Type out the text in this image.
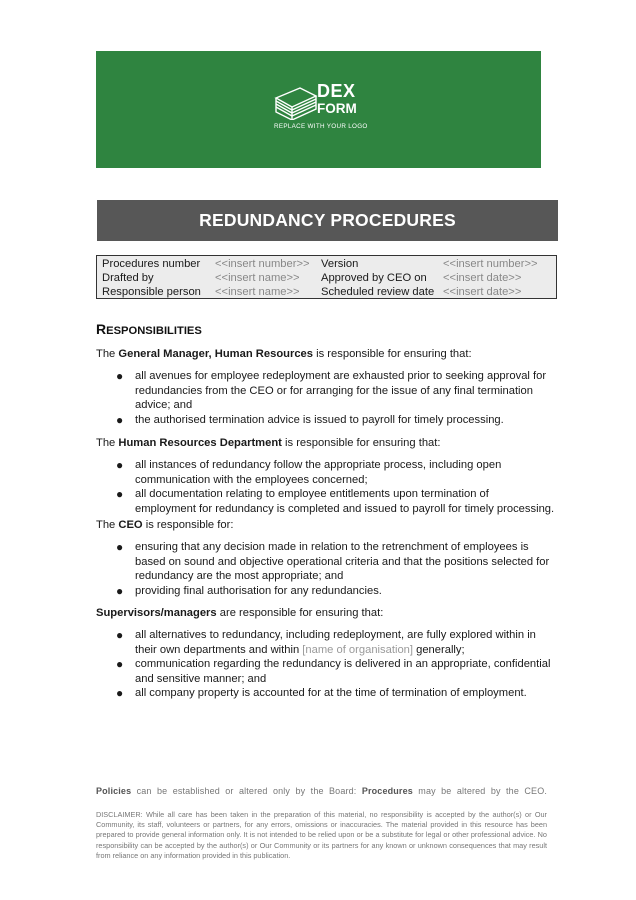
DEX
FORM
REPLACE WITH YOUR LOGO
REDUNDANCY PROCEDURES
Procedures number <<insert number>> Version	<<insert number>>
Drafted by	<<insert name>> Approved by CEO on <<insert date>>
Responsible person <<insert name>> Scheduled review date <<insert date>>
RESPONSIBILITIES
The General Manager, Human Resources is responsible for ensuring that:
● all avenues for employee redeployment are exhausted prior to seeking approval for
redundancies from the CEO or for arranging for the issue of any final termination
advice; and
● the authorised termination advice is issued to payroll for timely processing.
The Human Resources Department is responsible for ensuring that:
● all instances of redundancy follow the appropriate process, including open
communication with the employees concerned;
● all documentation relating to employee entitlements upon termination of
employment for redundancy is completed and issued to payroll for timely processing.
The CEO is responsible for:
● ensuring that any decision made in relation to the retrenchment of employees is
based on sound and objective operational criteria and that the positions selected for
redundancy are the most appropriate; and
● providing final authorisation for any redundancies.
Supervisors/managers are responsible for ensuring that:
● all alternatives to redundancy, including redeployment, are fully explored within in
their own departments and within [name of organisation] generally;
● communication regarding the redundancy is delivered in an appropriate, confidential
and sensitive manner; and
● all company property is accounted for at the time of termination of employment.
Policies can be established or altered only by the Board: Procedures may be altered by the CEO.
DISCLAIMER: While all care has been taken in the preparation of this material, no responsibility is accepted by the author(s) or Our Community, its staff, volunteers or partners, for any errors, omissions or inaccuracies. The material provided in this resource has been prepared to provide general information only. It is not intended to be relied upon or be a substitute for legal or other professional advice. No responsibility can be accepted by the author(s) or Our Community or its partners for any known or unknown consequences that may result from reliance on any information provided in this publication.
